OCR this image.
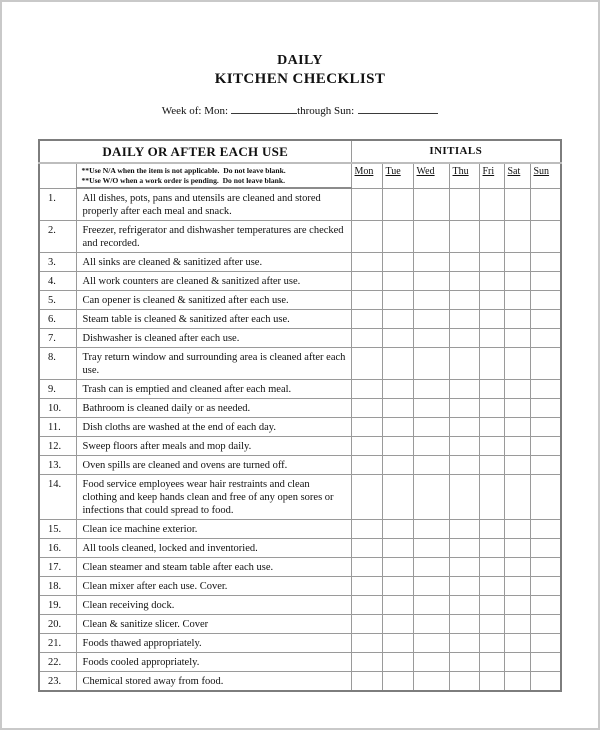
DAILY
KITCHEN CHECKLIST
Week of: Mon:	through Sun:
DAILY OR AFTER EACH USE		INITIALS						
	**Use N/A when the item is not applicable.  Do not leave blank.
**Use W/O when a work order is pending.  Do not leave blank.	Mon	Tue	Wed	Thu	Fri	Sat	Sun
1.	All dishes, pots, pans and utensils are cleaned and stored properly after each meal and snack.							
2.	Freezer, refrigerator and dishwasher temperatures are checked and recorded.							
3.	All sinks are cleaned & sanitized after use.							
4.	All work counters are cleaned & sanitized after use.							
5.	Can opener is cleaned & sanitized after each use.							
6.	Steam table is cleaned & sanitized after each use.							
7.	Dishwasher is cleaned after each use.							
8.	Tray return window and surrounding area is cleaned after each use.							
9.	Trash can is emptied and cleaned after each meal.							
10.	Bathroom is cleaned daily or as needed.							
11.	Dish cloths are washed at the end of each day.							
12.	Sweep floors after meals and mop daily.							
13.	Oven spills are cleaned and ovens are turned off.							
14.	Food service employees wear hair restraints and clean clothing and keep hands clean and free of any open sores or infections that could spread to food.							
15.	Clean ice machine exterior.							
16.	All tools cleaned, locked and inventoried.							
17.	Clean steamer and steam table after each use.							
18.	Clean mixer after each use. Cover.							
19.	Clean receiving dock.							
20.	Clean & sanitize slicer. Cover							
21.	Foods thawed appropriately.							
22.	Foods cooled appropriately.							
23.	Chemical stored away from food.							
